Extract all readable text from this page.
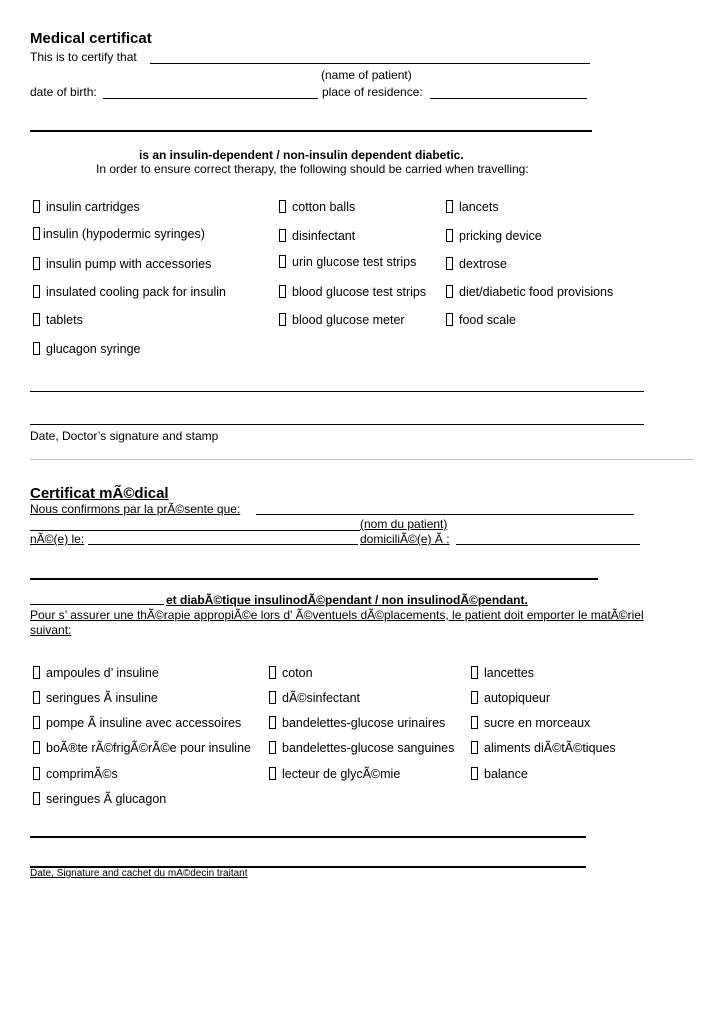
Medical certificat
This is to certify that
(name of patient)
date of birth:	place of residence:
is an insulin-dependent / non-insulin dependent diabetic.
In order to ensure correct therapy, the following should be carried when travelling:
insulin cartridges	cotton balls	lancets
insulin (hypodermic syringes)	disinfectant	pricking device
insulin pump with accessories	urin glucose test strips	dextrose
insulated cooling pack for insulin	blood glucose test strips	diet/diabetic food provisions
tablets	blood glucose meter	food scale
glucagon syringe
Date, Doctor’s signature and stamp
Certificat mÃ©dical
Nous confirmons par la prÃ©sente que:
(nom du patient)
nÃ©(e) le:	domiciliÃ©(e) Ã :
et diabÃ©tique insulinodÃ©pendant / non insulinodÃ©pendant.
Pour s’ assurer une thÃ©rapie appropiÃ©e lors d’ Ã©ventuels dÃ©placements, le patient doit emporter le matÃ©riel
suivant:
ampoules d’ insuline	coton	lancettes
seringues Ã insuline	dÃ©sinfectant	autopiqueur
pompe Ã insuline avec accessoires	bandelettes-glucose urinaires	sucre en morceaux
boÃ®te rÃ©frigÃ©rÃ©e pour insuline	bandelettes-glucose sanguines	aliments diÃ©tÃ©tiques
comprimÃ©s	lecteur de glycÃ©mie	balance
seringues Ã glucagon
Date, Signature and cachet du mÃ©decin traitant
